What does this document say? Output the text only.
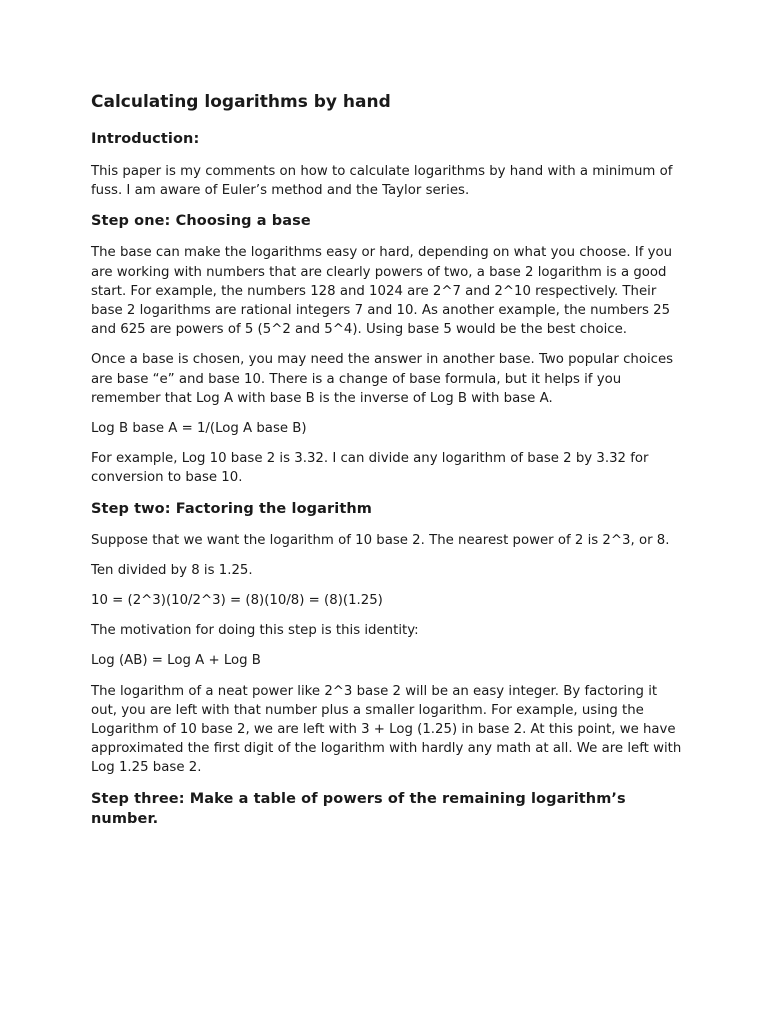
Calculating logarithms by hand
Introduction:

This paper is my comments on how to calculate logarithms by hand with a minimum of fuss. I am aware of Euler’s method and the Taylor series.

Step one: Choosing a base

The base can make the logarithms easy or hard, depending on what you choose. If you are working with numbers that are clearly powers of two, a base 2 logarithm is a good start. For example, the numbers 128 and 1024 are 2^7 and 2^10 respectively. Their base 2 logarithms are rational integers 7 and 10. As another example, the numbers 25 and 625 are powers of 5 (5^2 and 5^4). Using base 5 would be the best choice.

Once a base is chosen, you may need the answer in another base. Two popular choices are base “e” and base 10. There is a change of base formula, but it helps if you remember that Log A with base B is the inverse of Log B with base A.

Log B base A = 1/(Log A base B)

For example, Log 10 base 2 is 3.32. I can divide any logarithm of base 2 by 3.32 for conversion to base 10.

Step two: Factoring the logarithm

Suppose that we want the logarithm of 10 base 2. The nearest power of 2 is 2^3, or 8.

Ten divided by 8 is 1.25.

10 = (2^3)(10/2^3) = (8)(10/8) = (8)(1.25)

The motivation for doing this step is this identity:

Log (AB) = Log A + Log B

The logarithm of a neat power like 2^3 base 2 will be an easy integer. By factoring it out, you are left with that number plus a smaller logarithm. For example, using the Logarithm of 10 base 2, we are left with 3 + Log (1.25) in base 2. At this point, we have approximated the first digit of the logarithm with hardly any math at all. We are left with Log 1.25 base 2.

Step three: Make a table of powers of the remaining logarithm’s number.
